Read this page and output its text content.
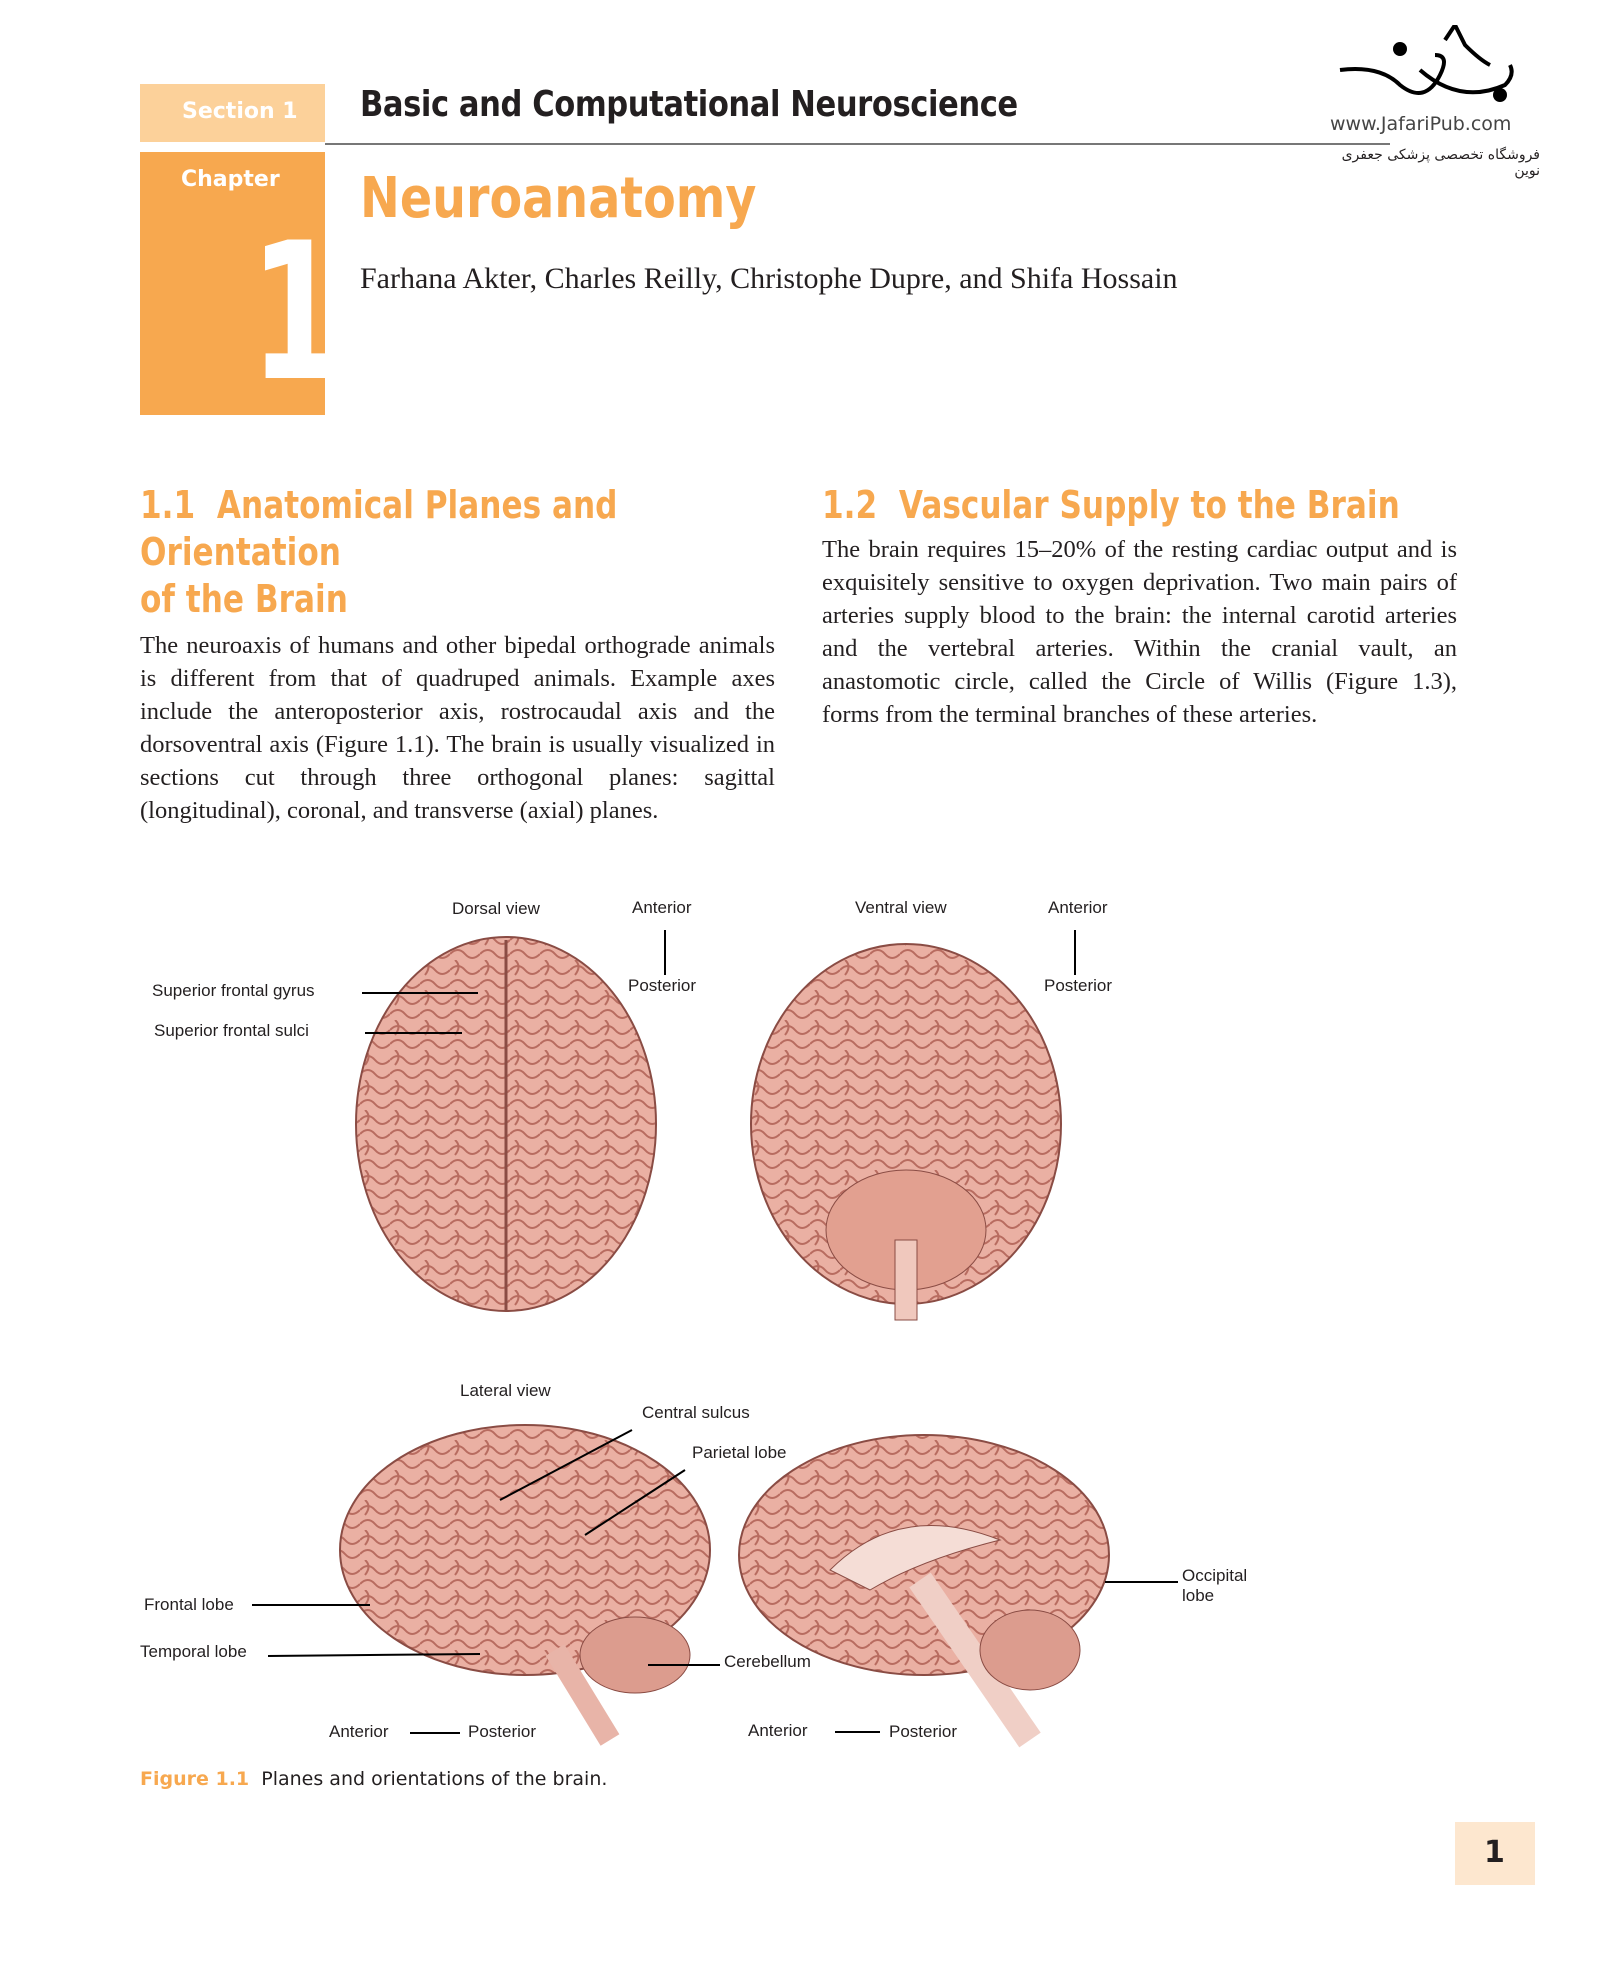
Section 1 Basic and Computational Neuroscience	www.JafariPub.com
فروشگاه تخصصی پزشکی جعفری نوین
Chapter
1
Neuroanatomy
Farhana Akter, Charles Reilly, Christophe Dupre, and Shifa Hossain
1.1 Anatomical Planes and Orientation
of the Brain
The neuroaxis of humans and other bipedal orthograde animals is different from that of quadruped animals. Example axes include the anteroposterior axis, rostrocaudal axis and the dorsoventral axis (Figure 1.1). The brain is usually visualized in sections cut through three orthogonal planes: sagittal (longitudinal), coronal, and transverse (axial) planes.
1.2 Vascular Supply to the Brain
The brain requires 15–20% of the resting cardiac output and is exquisitely sensitive to oxygen deprivation. Two main pairs of arteries supply blood to the brain: the internal carotid arteries and the vertebral arteries. Within the cranial vault, an anastomotic circle, called the Circle of Willis (Figure 1.3), forms from the terminal branches of these arteries.
Dorsal view	Anterior
Posterior
Superior frontal gyrus
Superior frontal sulci
Ventral view	Anterior
Posterior
Lateral view
Central sulcus
Parietal lobe
Frontal lobe
Temporal lobe
Cerebellum
Occipital
lobe
Anterior	Posterior	Anterior	Posterior
Figure 1.1 Planes and orientations of the brain.
1
